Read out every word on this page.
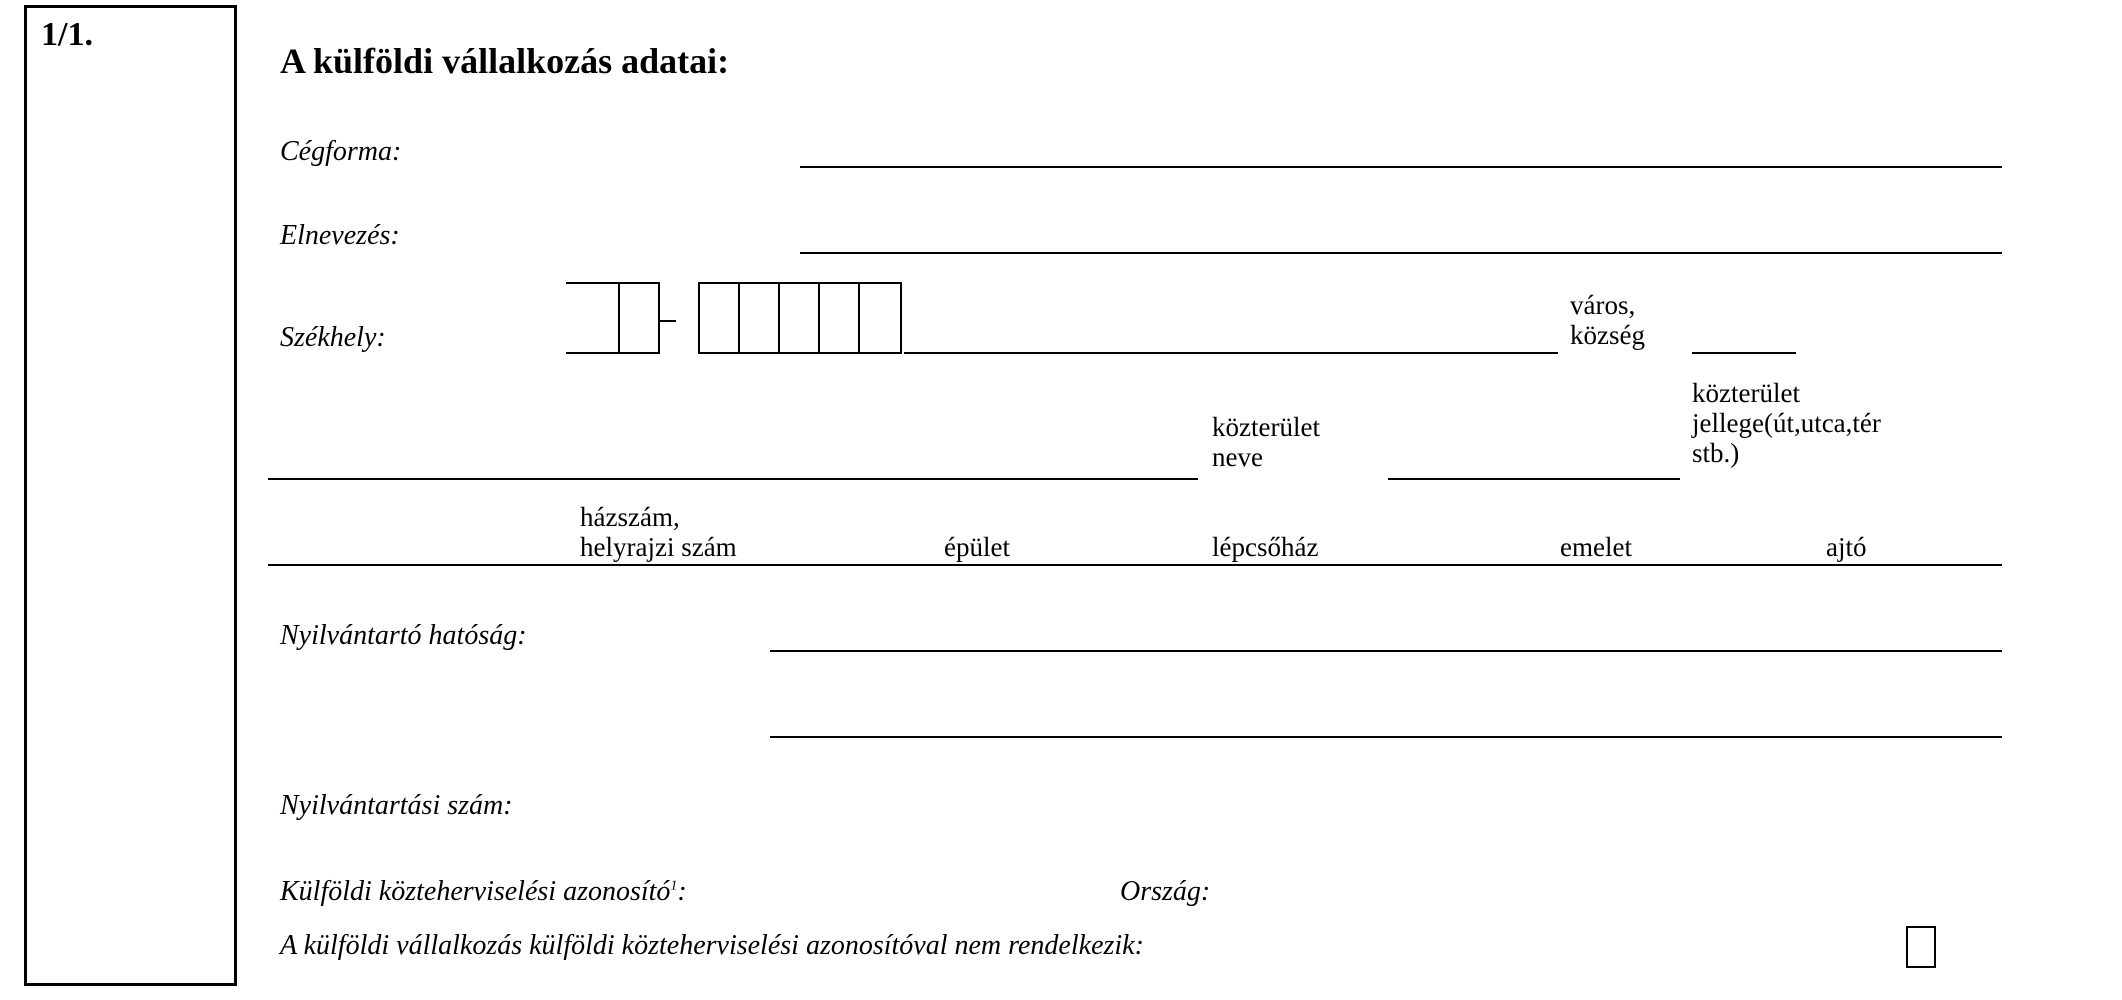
1/1.
A külföldi vállalkozás adatai:
Cégforma:
Elnevezés:
Székhely:
város,
község
közterület
neve
közterület
jellege(út,utca,tér
stb.)
házszám,
helyrajzi szám	épület	lépcsőház	emelet	ajtó
Nyilvántartó hatóság:
Nyilvántartási szám:
Külföldi közteherviselési azonosító$^1$:	Ország:
A külföldi vállalkozás külföldi közteherviselési azonosítóval nem rendelkezik:
